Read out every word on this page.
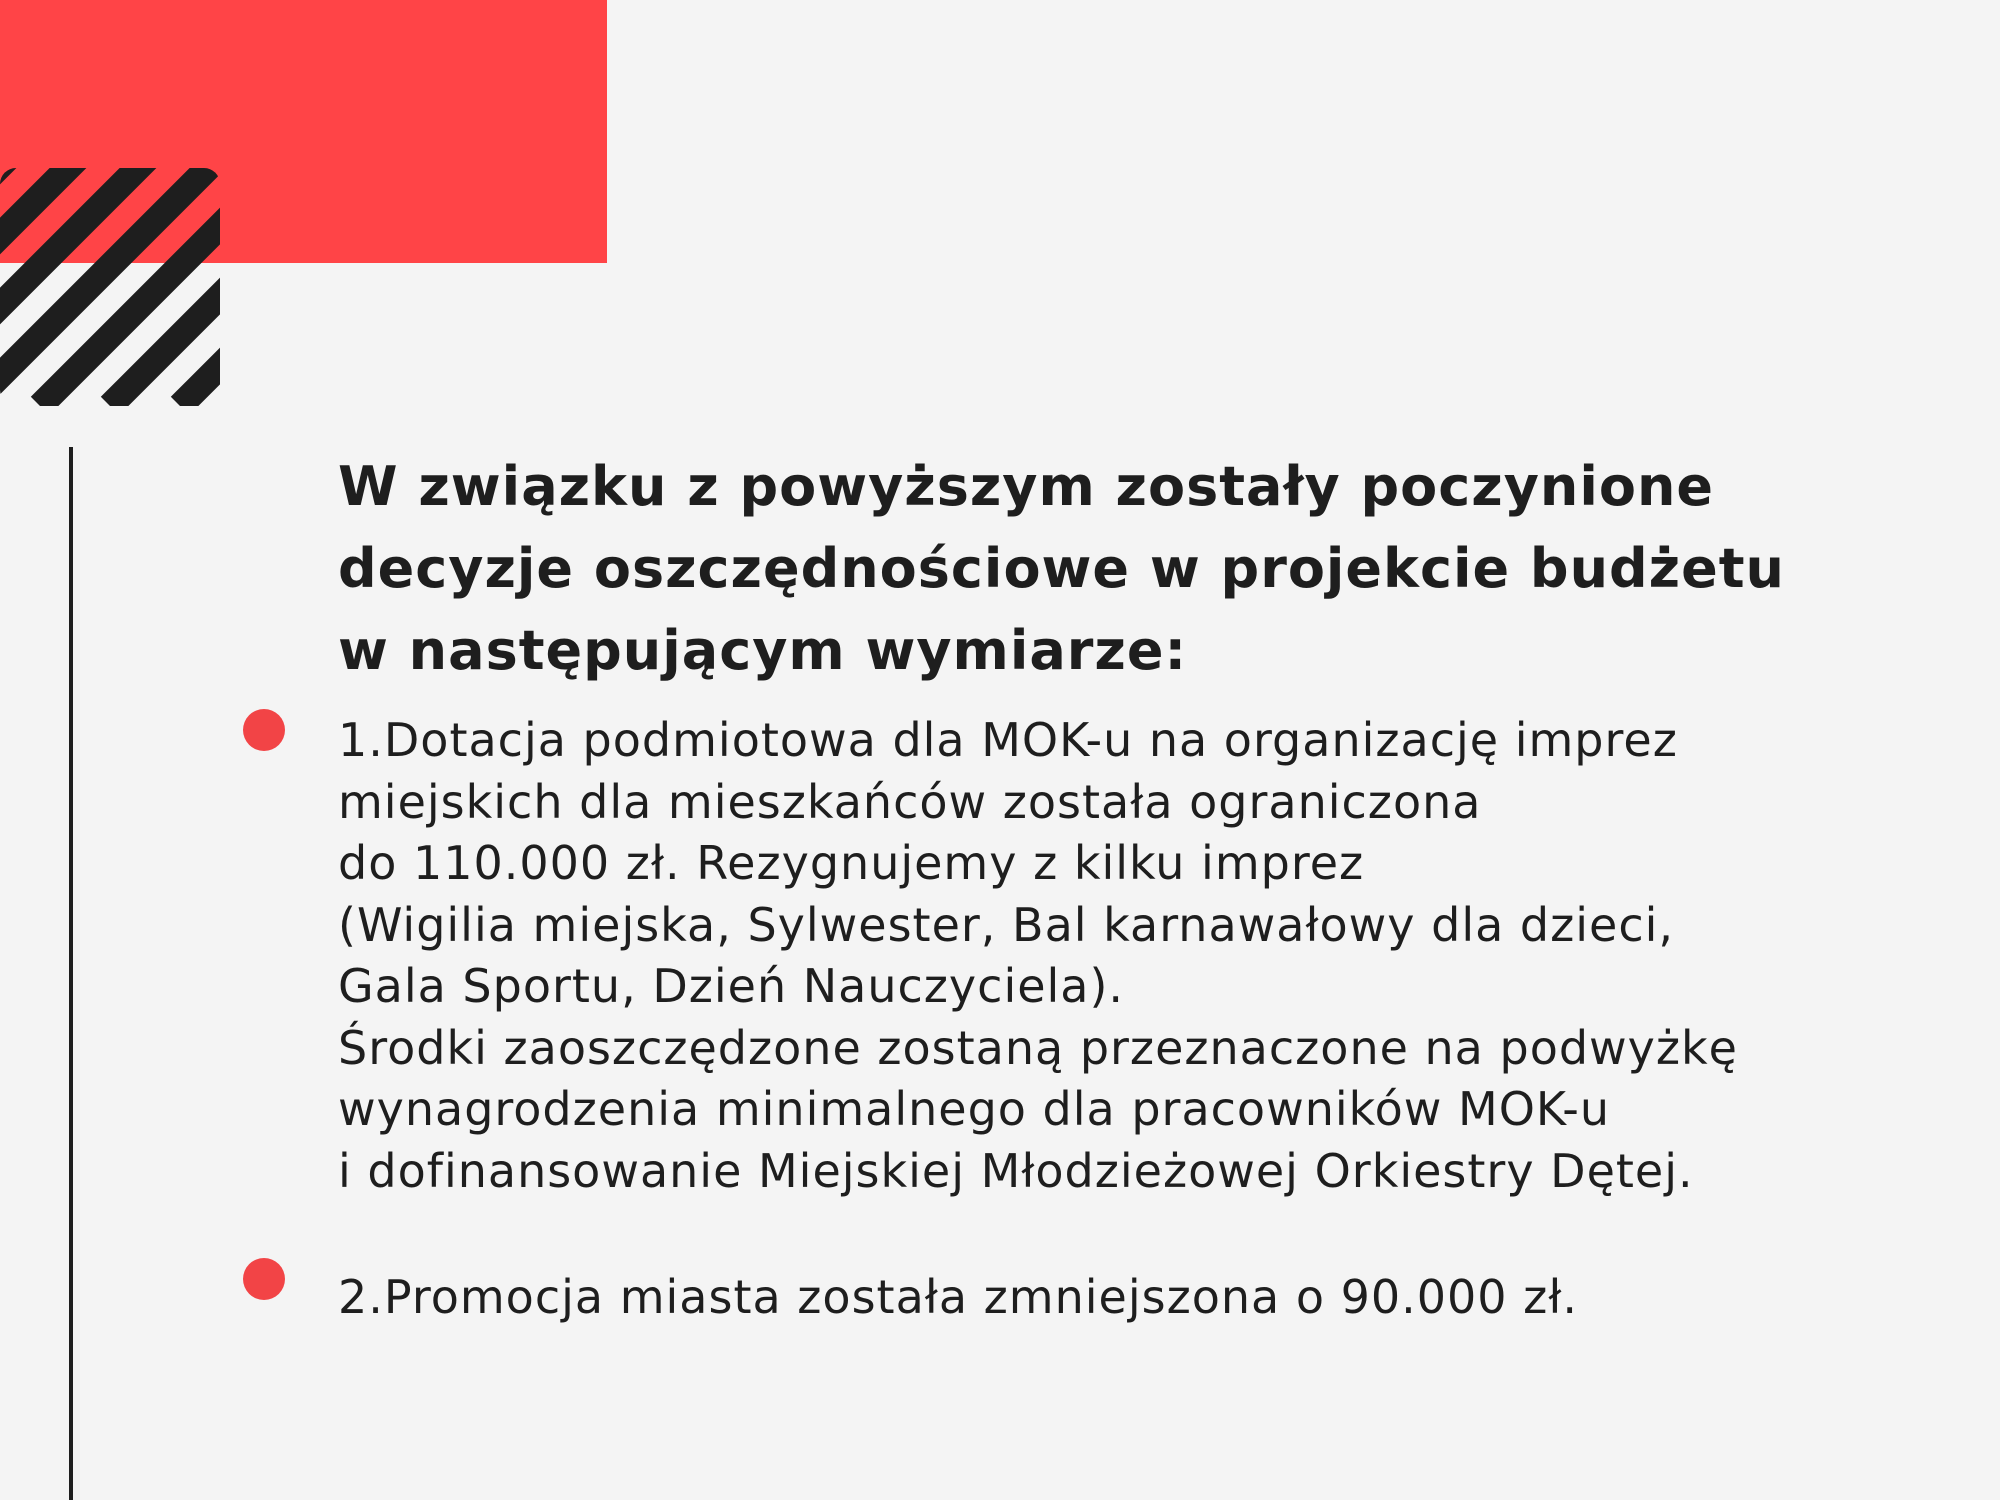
W związku z powyższym zostały poczynione
decyzje oszczędnościowe w projekcie budżetu
w następującym wymiarze:

1.Dotacja podmiotowa dla MOK-u na organizację imprez
miejskich dla mieszkańców została ograniczona
do 110.000 zł. Rezygnujemy z kilku imprez
(Wigilia miejska, Sylwester, Bal karnawałowy dla dzieci,
Gala Sportu, Dzień Nauczyciela).
Środki zaoszczędzone zostaną przeznaczone na podwyżkę
wynagrodzenia minimalnego dla pracowników MOK-u
i dofinansowanie Miejskiej Młodzieżowej Orkiestry Dętej.

2.Promocja miasta została zmniejszona o 90.000 zł.
